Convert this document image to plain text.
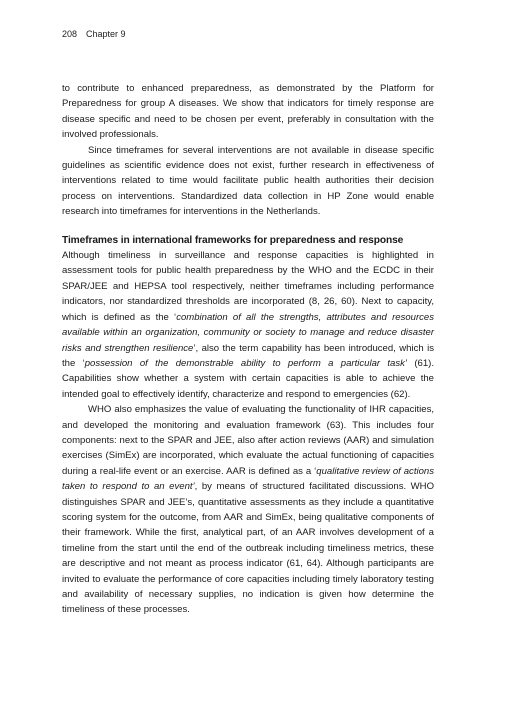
208 Chapter 9

to contribute to enhanced preparedness, as demonstrated by the Platform for Preparedness for group A diseases. We show that indicators for timely response are disease specific and need to be chosen per event, preferably in consultation with the involved professionals.

Since timeframes for several interventions are not available in disease specific guidelines as scientific evidence does not exist, further research in effectiveness of interventions related to time would facilitate public health authorities their decision process on interventions. Standardized data collection in HP Zone would enable research into timeframes for interventions in the Netherlands.

Timeframes in international frameworks for preparedness and response

Although timeliness in surveillance and response capacities is highlighted in assessment tools for public health preparedness by the WHO and the ECDC in their SPAR/JEE and HEPSA tool respectively, neither timeframes including performance indicators, nor standardized thresholds are incorporated (8, 26, 60). Next to capacity, which is defined as the ‘combination of all the strengths, attributes and resources available within an organization, community or society to manage and reduce disaster risks and strengthen resilience’, also the term capability has been introduced, which is the ‘possession of the demonstrable ability to perform a particular task’ (61). Capabilities show whether a system with certain capacities is able to achieve the intended goal to effectively identify, characterize and respond to emergencies (62).

WHO also emphasizes the value of evaluating the functionality of IHR capacities, and developed the monitoring and evaluation framework (63). This includes four components: next to the SPAR and JEE, also after action reviews (AAR) and simulation exercises (SimEx) are incorporated, which evaluate the actual functioning of capacities during a real-life event or an exercise. AAR is defined as a ‘qualitative review of actions taken to respond to an event’, by means of structured facilitated discussions. WHO distinguishes SPAR and JEE’s, quantitative assessments as they include a quantitative scoring system for the outcome, from AAR and SimEx, being qualitative components of their framework. While the first, analytical part, of an AAR involves development of a timeline from the start until the end of the outbreak including timeliness metrics, these are descriptive and not meant as process indicator (61, 64). Although participants are invited to evaluate the performance of core capacities including timely laboratory testing and availability of necessary supplies, no indication is given how determine the timeliness of these processes.
